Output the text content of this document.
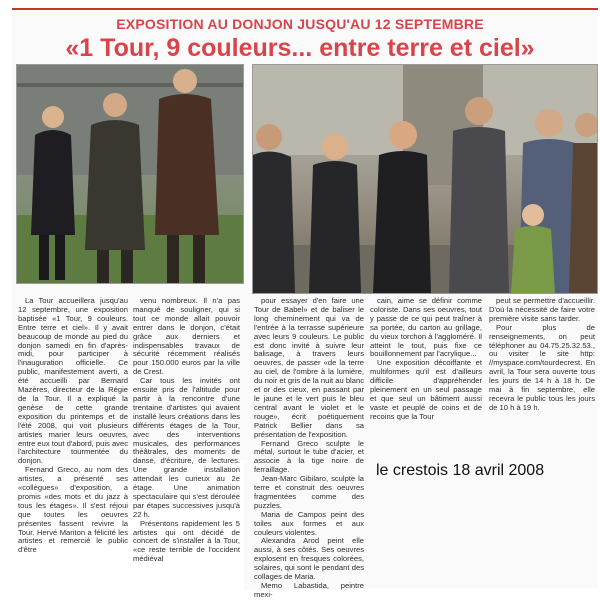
EXPOSITION AU DONJON JUSQU'AU 12 SEPTEMBRE
«1 Tour, 9 couleurs... entre terre et ciel»

La Tour accueillera jusqu'au 12 septembre, une exposition baptisée «1 Tour, 9 couleurs. Entre terre et ciel». Il y avait beaucoup de monde au pied du donjon samedi en fin d'après-midi, pour participer à l'inauguration officielle. Ce public, manifestement averti, a été accueilli par Bernard Mazères, directeur de la Régie de la Tour. Il a expliqué la genèse de cette grande exposition du printemps et de l'été 2008, qui voit plusieurs artistes marier leurs oeuvres, entre eux tout d'abord, puis avec l'architecture tourmentée du donjon.

Fernand Greco, au nom des artistes, a présenté ses «collègues» d'exposition, a promis «des mots et du jazz à tous les étages». Il s'est réjoui que toutes les oeuvres présentes fassent revivre la Tour. Hervé Mariton a félicité les artistes et remercié le public d'être

venu nombreux. Il n'a pas manqué de souligner, qui si tout ce monde allait pouvoir entrer dans le donjon, c'était grâce aux derniers et indispensables travaux de sécurité récemment réalisés pour 150.000 euros par la ville de Crest.

Car tous les invités ont ensuite pris de l'altitude pour partir à la rencontre d'une trentaine d'artistes qui avaient installé leurs créations dans les différents étages de la Tour, avec des interventions musicales, des performances théâtrales, des moments de danse, d'écriture, de lectures. Une grande installation attendait les curieux au 2e étage. Une animation spectaculaire qui s'est déroulée par étapes successives jusqu'à 22 h.

Présentons rapidement les 5 artistes qui ont décidé de concert de s'installer à la Tour, «ce reste terrible de l'occident médiéval

pour essayer d'en faire une Tour de Babel» et de baliser le long cheminement qui va de l'entrée à la terrasse supérieure avec leurs 9 couleurs. Le public est donc invité à suivre leur balisage, à travers leurs oeuvres, de passer «de la terre au ciel, de l'ombre à la lumière, du noir et gris de la nuit au blanc et or des cieux, en passant par le jaune et le vert puis le bleu central avant le violet et le rouge», écrit poétiquement Patrick Bellier dans sa présentation de l'exposition.

Fernand Greco sculpte le métal, surtout le tube d'acier, et associe à la tige noire de ferraillage.

Jean-Marc Gibilaro, sculpte la terre et construit des oeuvres fragmentées comme des puzzles.

Maria de Campos peint des toiles aux formes et aux couleurs violentes.

Alexandra Arod peint elle aussi, à ses côtés. Ses oeuvres explosent en fresques colorées, solaires, qui sont le pendant des collages de Maria.

Memo Labastida, peintre mexi-

cain, aime se définir comme coloriste. Dans ses oeuvres, tout y passe de ce qui peut traîner à sa portée, du carton au grillage, du vieux torchon à l'aggloméré. Il atteint le tout, puis fixe ce bouillonnement par l'acrylique...

Une exposition décoiffante et multiformes qu'il est d'ailleurs difficile d'appréhender pleinement en un seul passage et que seul un bâtiment aussi vaste et peuplé de coins et de recoins que la Tour

peut se permettre d'accueillir. D'où la nécessité de faire votre première visite sans tarder.

Pour plus de renseignements, on peut téléphoner au 04.75.25.32.53., ou visiter le site http: //myspace.com/tourdecrest. En avril, la Tour sera ouverte tous les jours de 14 h à 18 h. De mai à fin septembre, elle recevra le public tous les jours de 10 h à 19 h.

le crestois 18 avril 2008
